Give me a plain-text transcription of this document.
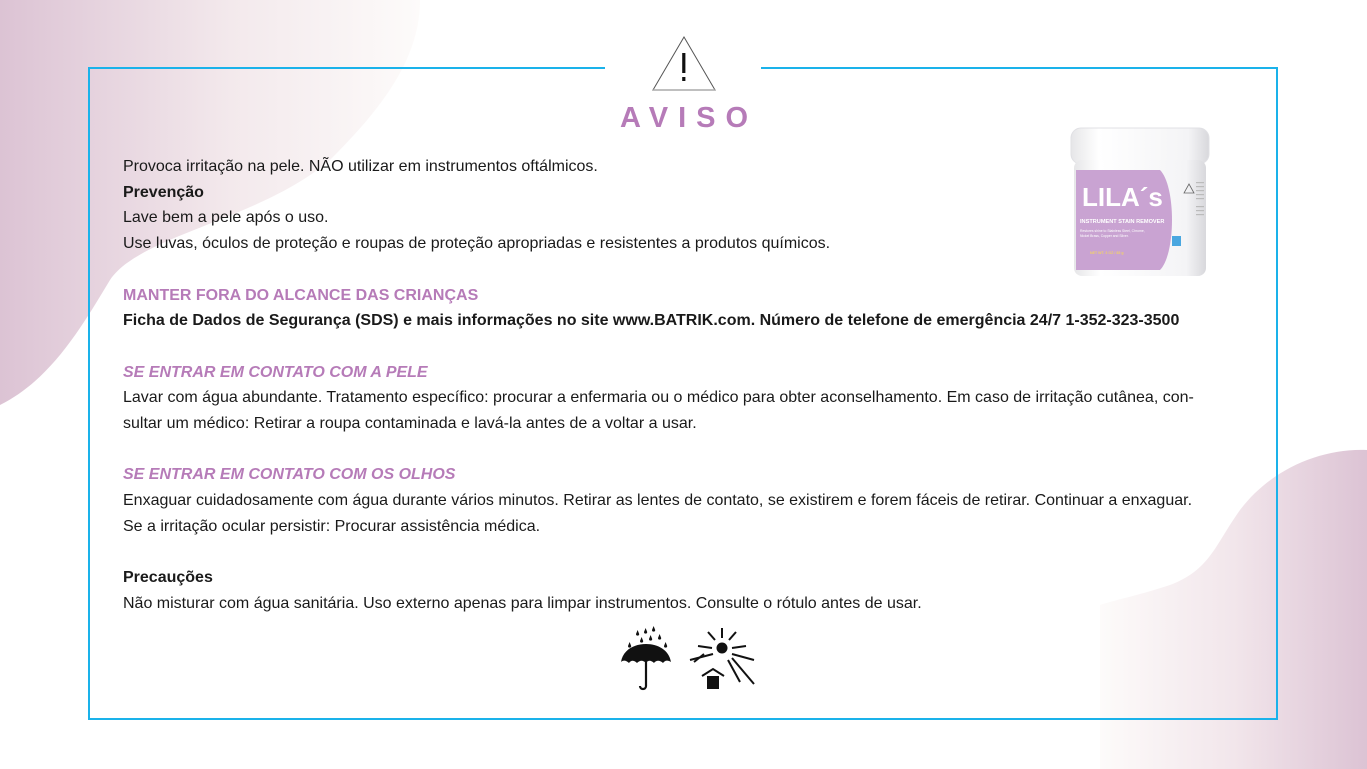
AVISO

Provoca irritação na pele. NÃO utilizar em instrumentos oftálmicos.

Prevenção

Lave bem a pele após o uso.

Use luvas, óculos de proteção e roupas de proteção apropriadas e resistentes a produtos químicos.

MANTER FORA DO ALCANCE DAS CRIANÇAS

Ficha de Dados de Segurança (SDS) e mais informações no site www.BATRIK.com. Número de telefone de emergência 24/7 1-352-323-3500

SE ENTRAR EM CONTATO COM A PELE

Lavar com água abundante. Tratamento específico: procurar a enfermaria ou o médico para obter aconselhamento. Em caso de irritação cutânea, con-

sultar um médico: Retirar a roupa contaminada e lavá-la antes de a voltar a usar.

SE ENTRAR EM CONTATO COM OS OLHOS

Enxaguar cuidadosamente com água durante vários minutos. Retirar as lentes de contato, se existirem e forem fáceis de retirar. Continuar a enxaguar.

Se a irritação ocular persistir: Procurar assistência médica.

Precauções

Não misturar com água sanitária. Uso externo apenas para limpar instrumentos. Consulte o rótulo antes de usar.

LILA´s
INSTRUMENT STAIN REMOVER
Restores shine to Stainless Steel, Chrome,
Nickel Brass, Copper and Silver.
NET WT. 3 OZ / 85 g
